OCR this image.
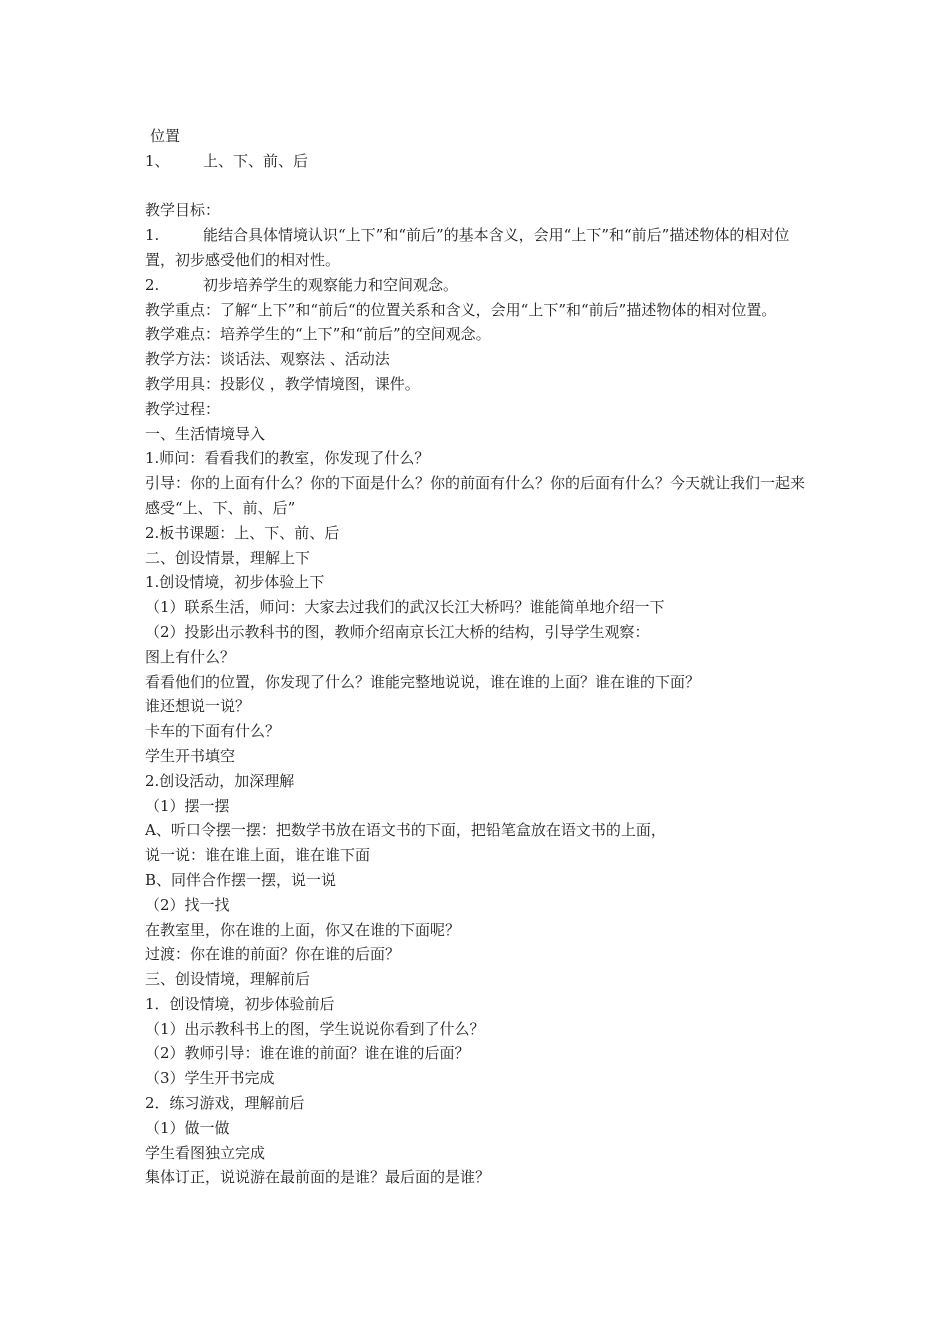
位置
1、 上、下、前、后
教学目标：
1.	能结合具体情境认识“上下”和“前后”的基本含义，会用“上下”和“前后”描述物体的相对位置，初步感受他们的相对性。
2.	初步培养学生的观察能力和空间观念。
教学重点：了解“上下”和“前后“的位置关系和含义，会用“上下”和“前后”描述物体的相对位置。
教学难点：培养学生的“上下”和“前后”的空间观念。
教学方法：谈话法、观察法 、活动法
教学用具：投影仪 ，教学情境图，课件。
教学过程：
一、生活情境导入
1.师问：看看我们的教室，你发现了什么？
引导：你的上面有什么？你的下面是什么？你的前面有什么？你的后面有什么？今天就让我们一起来感受“上、下、前、后”
2.板书课题：上、下、前、后
二、创设情景，理解上下
1.创设情境，初步体验上下
（1）联系生活，师问：大家去过我们的武汉长江大桥吗？谁能简单地介绍一下
（2）投影出示教科书的图，教师介绍南京长江大桥的结构，引导学生观察：
图上有什么？
看看他们的位置，你发现了什么？谁能完整地说说，谁在谁的上面？谁在谁的下面？
谁还想说一说？
卡车的下面有什么？
学生开书填空
2.创设活动，加深理解
（1）摆一摆
A、听口令摆一摆：把数学书放在语文书的下面，把铅笔盒放在语文书的上面，
说一说：谁在谁上面，谁在谁下面
B、同伴合作摆一摆，说一说
（2）找一找
在教室里，你在谁的上面，你又在谁的下面呢？
过渡：你在谁的前面？你在谁的后面？
三、创设情境，理解前后
1．创设情境，初步体验前后
（1）出示教科书上的图，学生说说你看到了什么？
（2）教师引导：谁在谁的前面？谁在谁的后面？
（3）学生开书完成
2．练习游戏，理解前后
（1）做一做
学生看图独立完成
集体订正，说说游在最前面的是谁？最后面的是谁？
